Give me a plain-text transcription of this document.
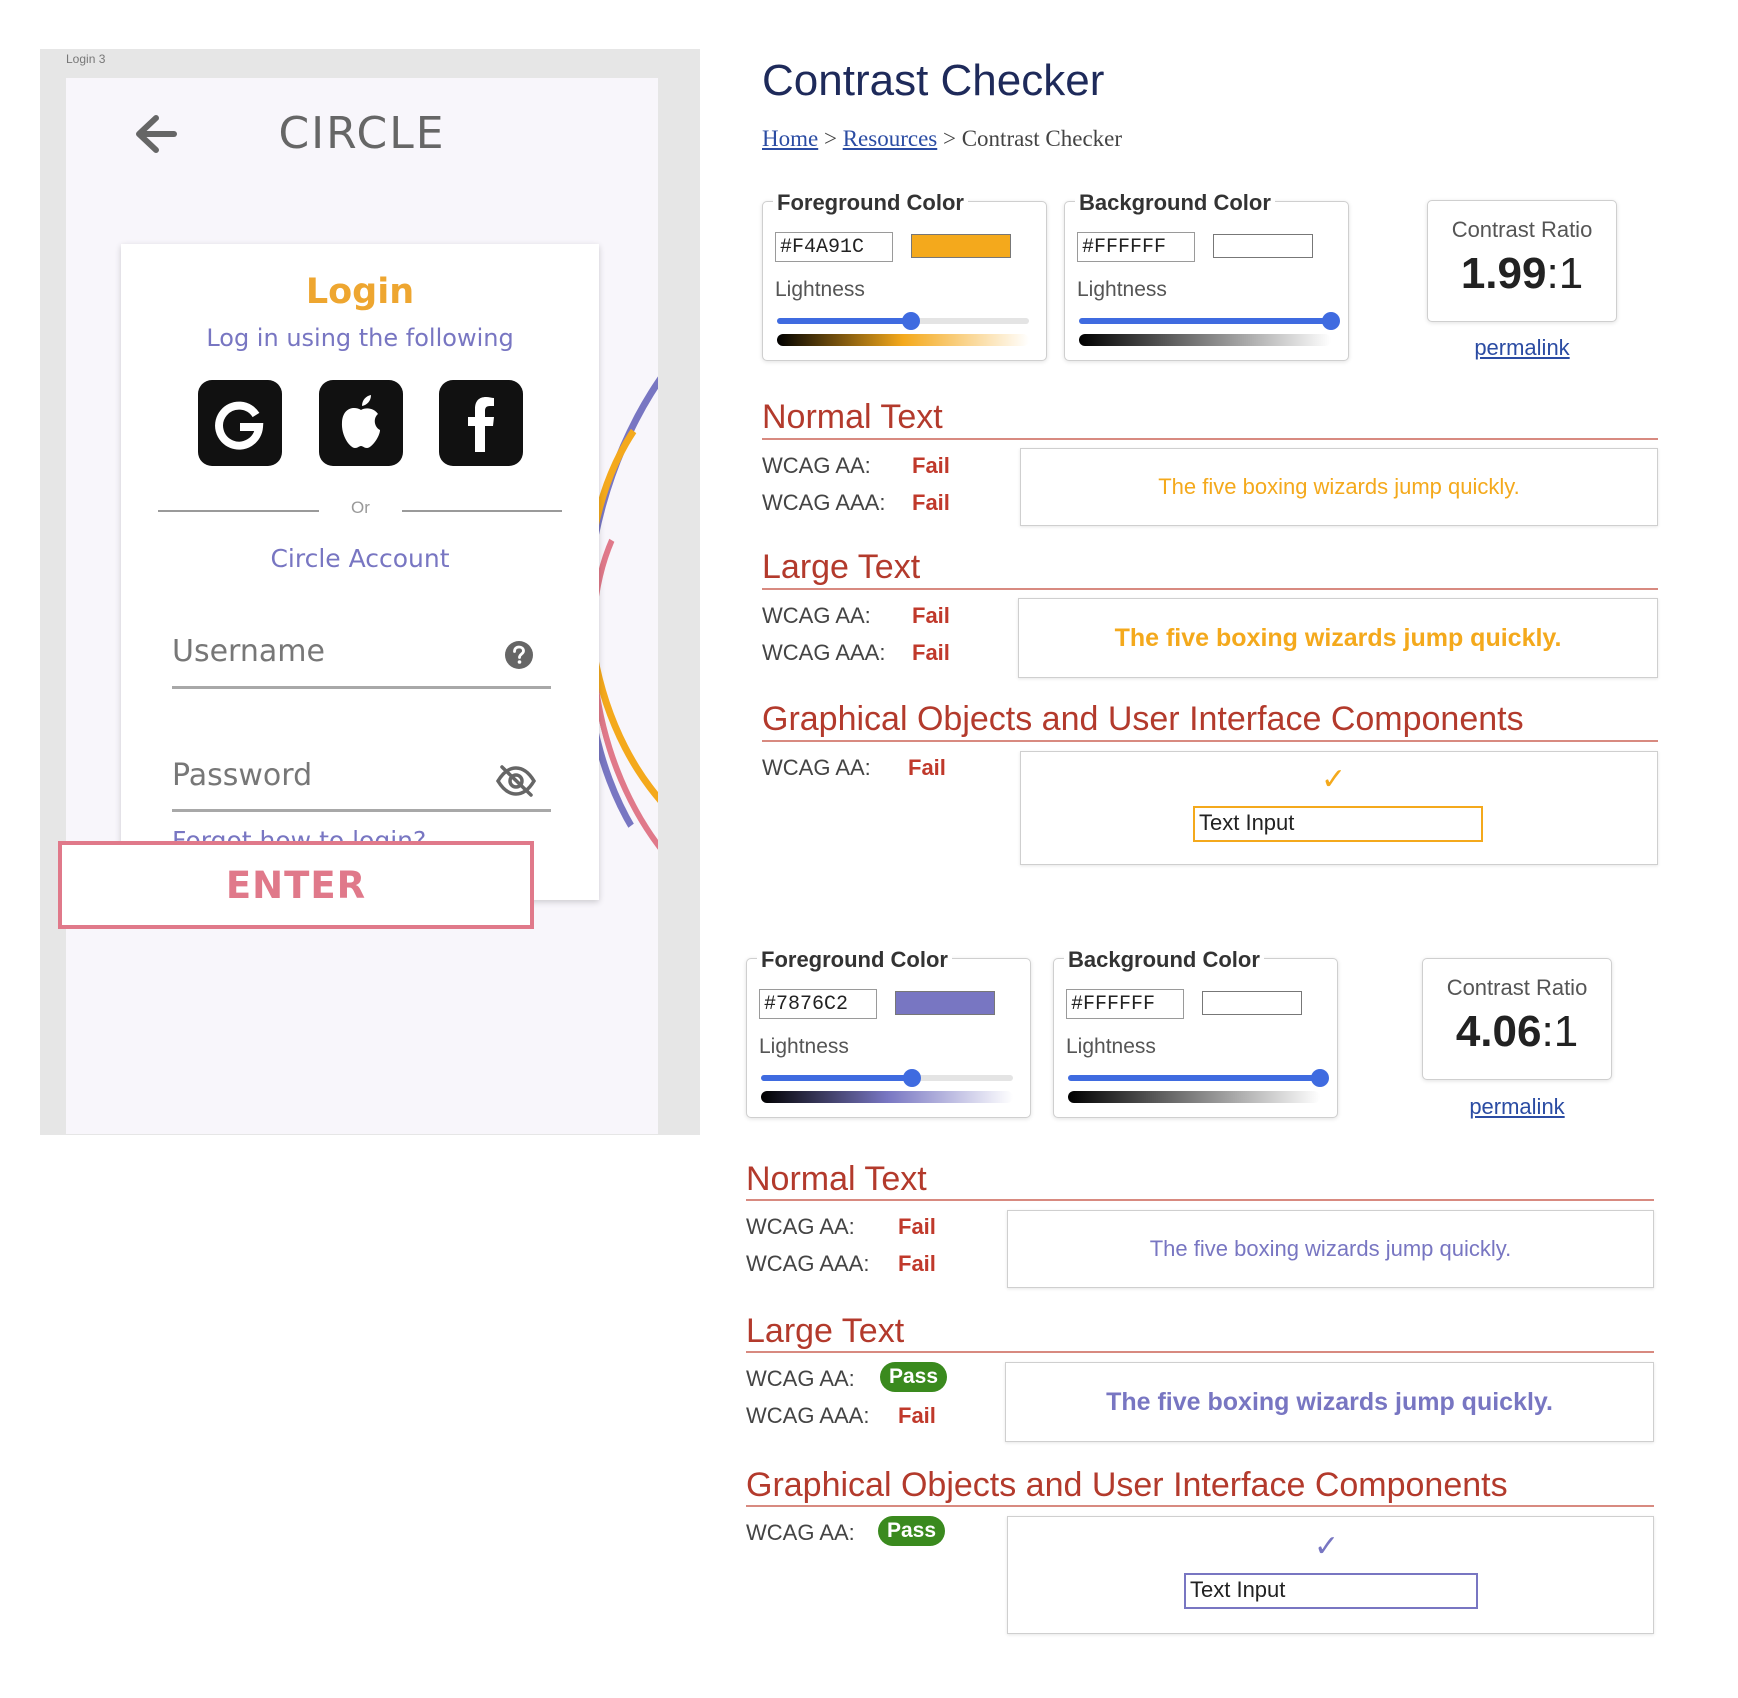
Login 3
CIRCLE
Login
Log in using the following
Or
Circle Account
Username
Password
ENTER
Contrast Checker
Home > Resources > Contrast Checker
Foreground Color
#F4A91C
Lightness
Background Color
#FFFFFF
Lightness
Contrast Ratio
1.99:1
permalink
Normal Text
WCAG AA: Fail
WCAG AAA: Fail
The five boxing wizards jump quickly.
Large Text
WCAG AA: Fail
WCAG AAA: Fail
The five boxing wizards jump quickly.
Graphical Objects and User Interface Components
WCAG AA: Fail	✓
Text Input
Foreground Color
#7876C2
Lightness
Background Color
#FFFFFF
Lightness
Contrast Ratio
4.06:1
permalink
Normal Text
WCAG AA: Fail
WCAG AAA: Fail
The five boxing wizards jump quickly.
Large Text
WCAG AA:	Pass
WCAG AAA: Fail	The five boxing wizards jump quickly.
Graphical Objects and User Interface Components
WCAG AA:	Pass	✓
Text Input
